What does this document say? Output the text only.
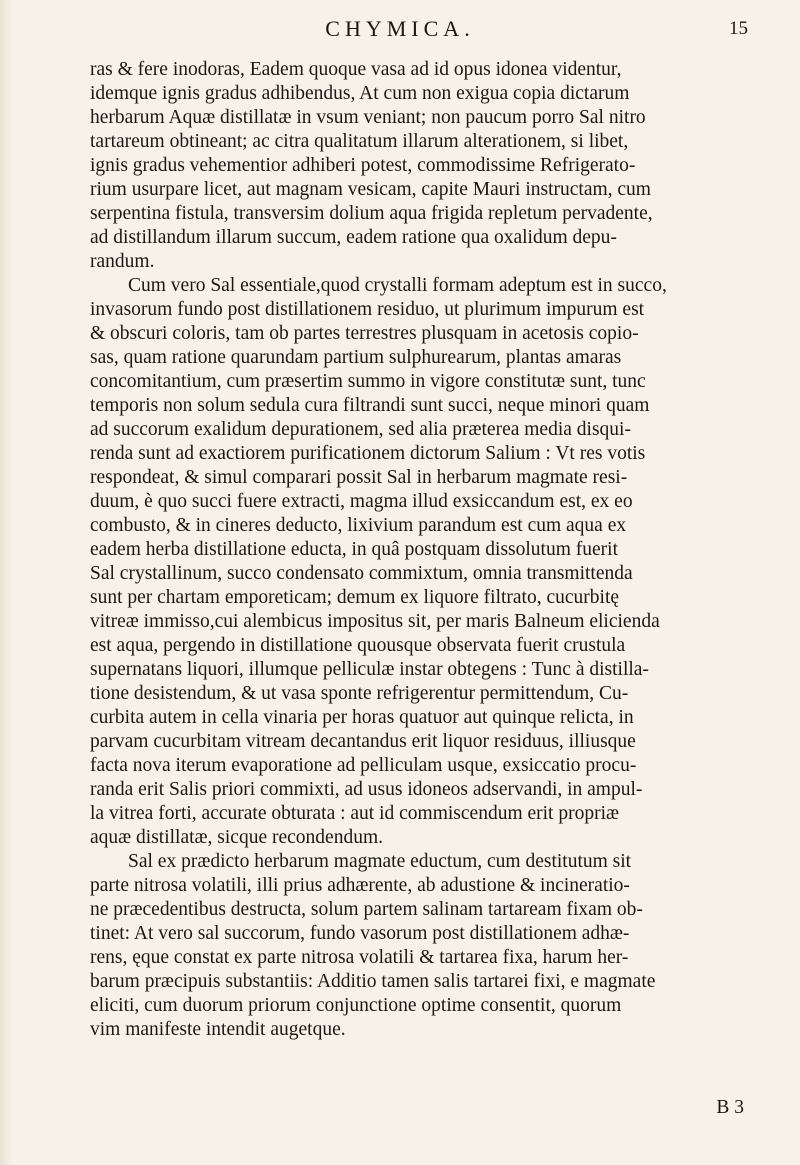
CHYMICA.	15
ras & fere inodoras, Eadem quoque vasa ad id opus idonea videntur,
idemque ignis gradus adhibendus, At cum non exigua copia dictarum
herbarum Aquæ distillatæ in vsum veniant; non paucum porro Sal nitro
tartareum obtineant; ac citra qualitatum illarum alterationem, si libet,
ignis gradus vehementior adhiberi potest, commodissime Refrigerato-
rium usurpare licet, aut magnam vesicam, capite Mauri instructam, cum
serpentina fistula, transversim dolium aqua frigida repletum pervadente,
ad distillandum illarum succum, eadem ratione qua oxalidum depu-
randum.
Cum vero Sal essentiale,quod crystalli formam adeptum est in succo,
invasorum fundo post distillationem residuo, ut plurimum impurum est
& obscuri coloris, tam ob partes terrestres plusquam in acetosis copio-
sas, quam ratione quarundam partium sulphurearum, plantas amaras
concomitantium, cum præsertim summo in vigore constitutæ sunt, tunc
temporis non solum sedula cura filtrandi sunt succi, neque minori quam
ad succorum exalidum depurationem, sed alia præterea media disqui-
renda sunt ad exactiorem purificationem dictorum Salium : Vt res votis
respondeat, & simul comparari possit Sal in herbarum magmate resi-
duum, è quo succi fuere extracti, magma illud exsiccandum est, ex eo
combusto, & in cineres deducto, lixivium parandum est cum aqua ex
eadem herba distillatione educta, in quâ postquam dissolutum fuerit
Sal crystallinum, succo condensato commixtum, omnia transmittenda
sunt per chartam emporeticam; demum ex liquore filtrato, cucurbitę
vitreæ immisso,cui alembicus impositus sit, per maris Balneum eliciendа
est aqua, pergendo in distillatione quousque observata fuerit crustula
supernatans liquori, illumque pelliculæ instar obtegens : Tunc à distilla-
tione desistendum, & ut vasa sponte refrigerentur permittendum, Cu-
curbita autem in cella vinaria per horas quatuor aut quinque relicta, in
parvam cucurbitam vitream decantandus erit liquor residuus, illiusque
facta nova iterum evaporatione ad pelliculam usque, exsiccatio procu-
randa erit Salis priori commixti, ad usus idoneos adservandi, in ampul-
la vitrea forti, accurate obturata : aut id commiscendum erit propriæ
aquæ distillatæ, sicque recondendum.
Sal ex prædicto herbarum magmate eductum, cum destitutum sit
parte nitrosa volatili, illi prius adhærente, ab adustione & incineratio-
ne præcedentibus destructa, solum partem salinam tartaream fixam ob-
tinet: At vero sal succorum, fundo vasorum post distillationem adhæ-
rens, ęque constat ex parte nitrosa volatili & tartarea fixa, harum her-
barum præcipuis substantiis: Additio tamen salis tartarei fixi, e magmate
eliciti, cum duorum priorum conjunctione optime consentit, quorum
vim manifeste intendit augetque.
B 3
